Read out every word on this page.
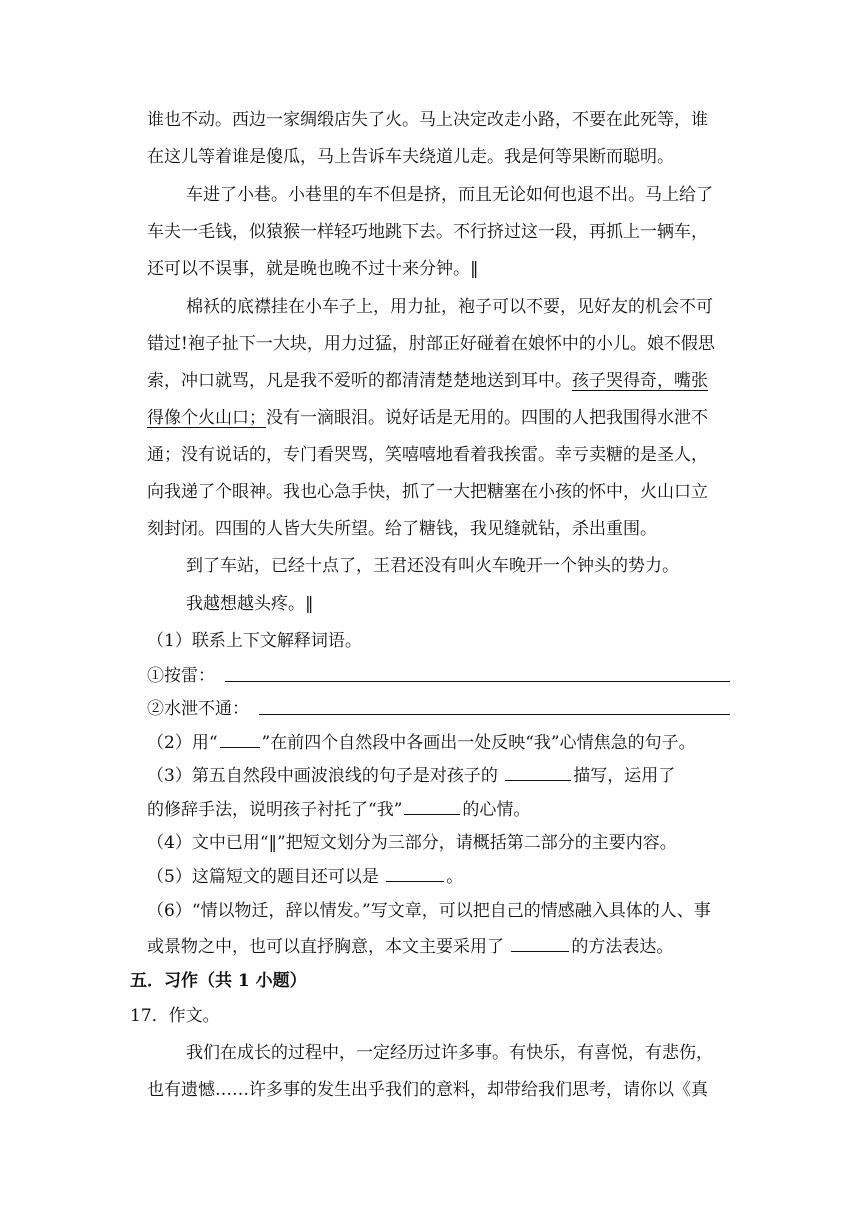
谁也不动。西边一家绸缎店失了火。马上决定改走小路，不要在此死等，谁
在这儿等着谁是傻瓜，马上告诉车夫绕道儿走。我是何等果断而聪明。
车进了小巷。小巷里的车不但是挤，而且无论如何也退不出。马上给了
车夫一毛钱，似猿猴一样轻巧地跳下去。不行挤过这一段，再抓上一辆车，
还可以不误事，就是晚也晚不过十来分钟。‖
棉袄的底襟挂在小车子上，用力扯，袍子可以不要，见好友的机会不可
错过!袍子扯下一大块，用力过猛，肘部正好碰着在娘怀中的小儿。娘不假思
索，冲口就骂，凡是我不爱听的都清清楚楚地送到耳中。孩子哭得奇，嘴张
得像个火山口；没有一滴眼泪。说好话是无用的。四围的人把我围得水泄不
通；没有说话的，专门看哭骂，笑嘻嘻地看着我挨雷。幸亏卖糖的是圣人，
向我递了个眼神。我也心急手快，抓了一大把糖塞在小孩的怀中，火山口立
刻封闭。四围的人皆大失所望。给了糖钱，我见缝就钻，杀出重围。
到了车站，已经十点了，王君还没有叫火车晚开一个钟头的势力。
我越想越头疼。‖
（1）联系上下文解释词语。
①按雷：
②水泄不通：
（2）用“	”在前四个自然段中各画出一处反映“我”心情焦急的句子。
（3）第五自然段中画波浪线的句子是对孩子的	描写，运用了
的修辞手法，说明孩子衬托了“我”	的心情。
（4）文中已用“‖”把短文划分为三部分，请概括第二部分的主要内容。
（5）这篇短文的题目还可以是	。
（6）“情以物迁，辞以情发。”写文章，可以把自己的情感融入具体的人、事
或景物之中，也可以直抒胸意，本文主要采用了	的方法表达。
五．习作（共 1 小题）
17．作文。
我们在成长的过程中，一定经历过许多事。有快乐，有喜悦，有悲伤，
也有遗憾……许多事的发生出乎我们的意料，却带给我们思考，请你以《真
